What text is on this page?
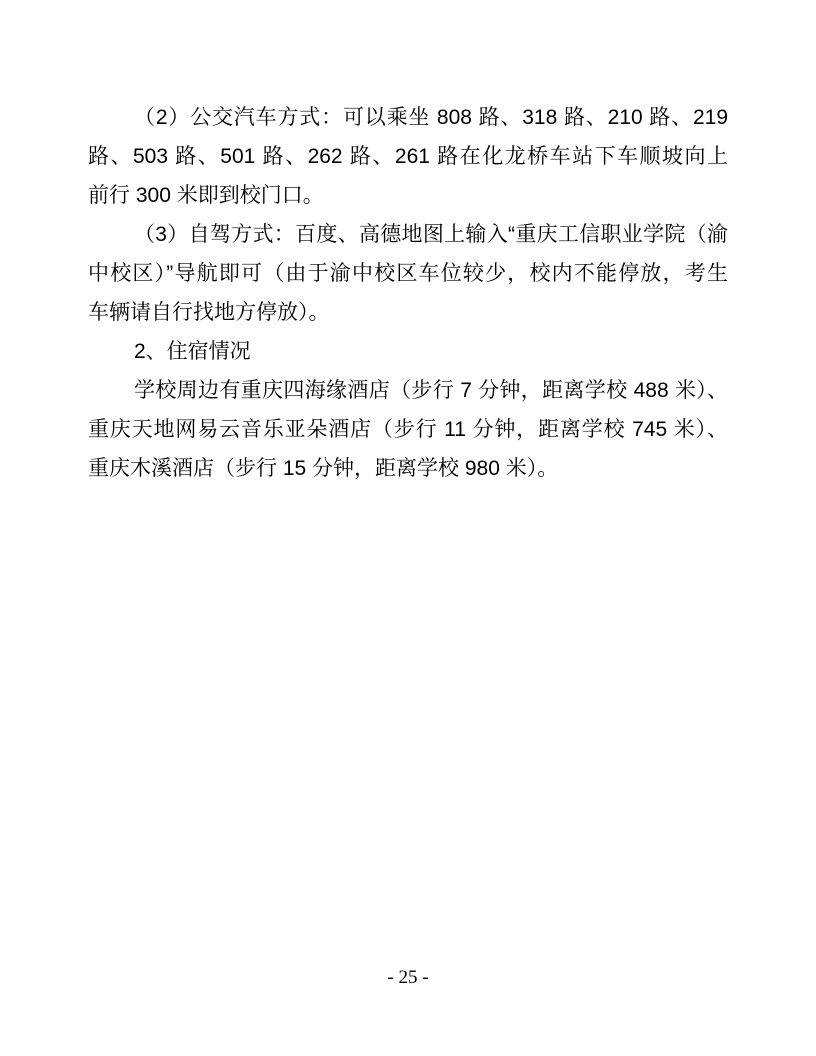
（2）公交汽车方式：可以乘坐 808 路、318 路、210 路、219
路、503 路、501 路、262 路、261 路在化龙桥车站下车顺坡向上
前行 300 米即到校门口。
（3）自驾方式：百度、高德地图上输入“重庆工信职业学院（渝
中校区）”导航即可（由于渝中校区车位较少，校内不能停放，考生
车辆请自行找地方停放）。
2、住宿情况
学校周边有重庆四海缘酒店（步行 7 分钟，距离学校 488 米）、
重庆天地网易云音乐亚朵酒店（步行 11 分钟，距离学校 745 米）、
重庆木溪酒店（步行 15 分钟，距离学校 980 米）。
- 25 -
